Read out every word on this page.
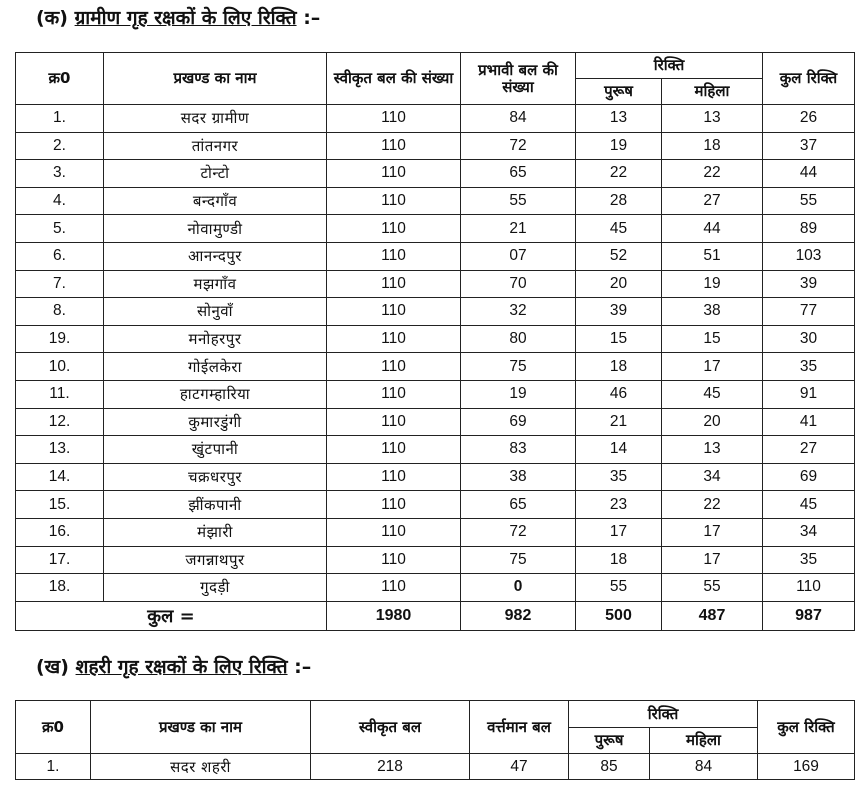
(क) ग्रामीण गृह रक्षकों के लिए रिक्ति :–
क्र0	प्रखण्ड का नाम	स्वीकृत बल की संख्या	प्रभावी बल की संख्या	रिक्ति		कुल रिक्ति
				पुरूष	महिला	
1.	सदर ग्रामीण	110	84	13	13	26
2.	तांतनगर	110	72	19	18	37
3.	टोन्टो	110	65	22	22	44
4.	बन्दगाँव	110	55	28	27	55
5.	नोवामुण्डी	110	21	45	44	89
6.	आनन्दपुर	110	07	52	51	103
7.	मझगाँव	110	70	20	19	39
8.	सोनुवाँ	110	32	39	38	77
19.	मनोहरपुर	110	80	15	15	30
10.	गोईलकेरा	110	75	18	17	35
11.	हाटगम्हारिया	110	19	46	45	91
12.	कुमारडुंगी	110	69	21	20	41
13.	खुंटपानी	110	83	14	13	27
14.	चक्रधरपुर	110	38	35	34	69
15.	झींकपानी	110	65	23	22	45
16.	मंझारी	110	72	17	17	34
17.	जगन्नाथपुर	110	75	18	17	35
18.	गुदड़ी	110	0	55	55	110
कुल =		1980	982	500	487	987
(ख) शहरी गृह रक्षकों के लिए रिक्ति :–
क्र0	प्रखण्ड का नाम	स्वीकृत बल	वर्त्तमान बल	रिक्ति		कुल रिक्ति
				पुरूष	महिला	
1.	सदर शहरी	218	47	85	84	169
